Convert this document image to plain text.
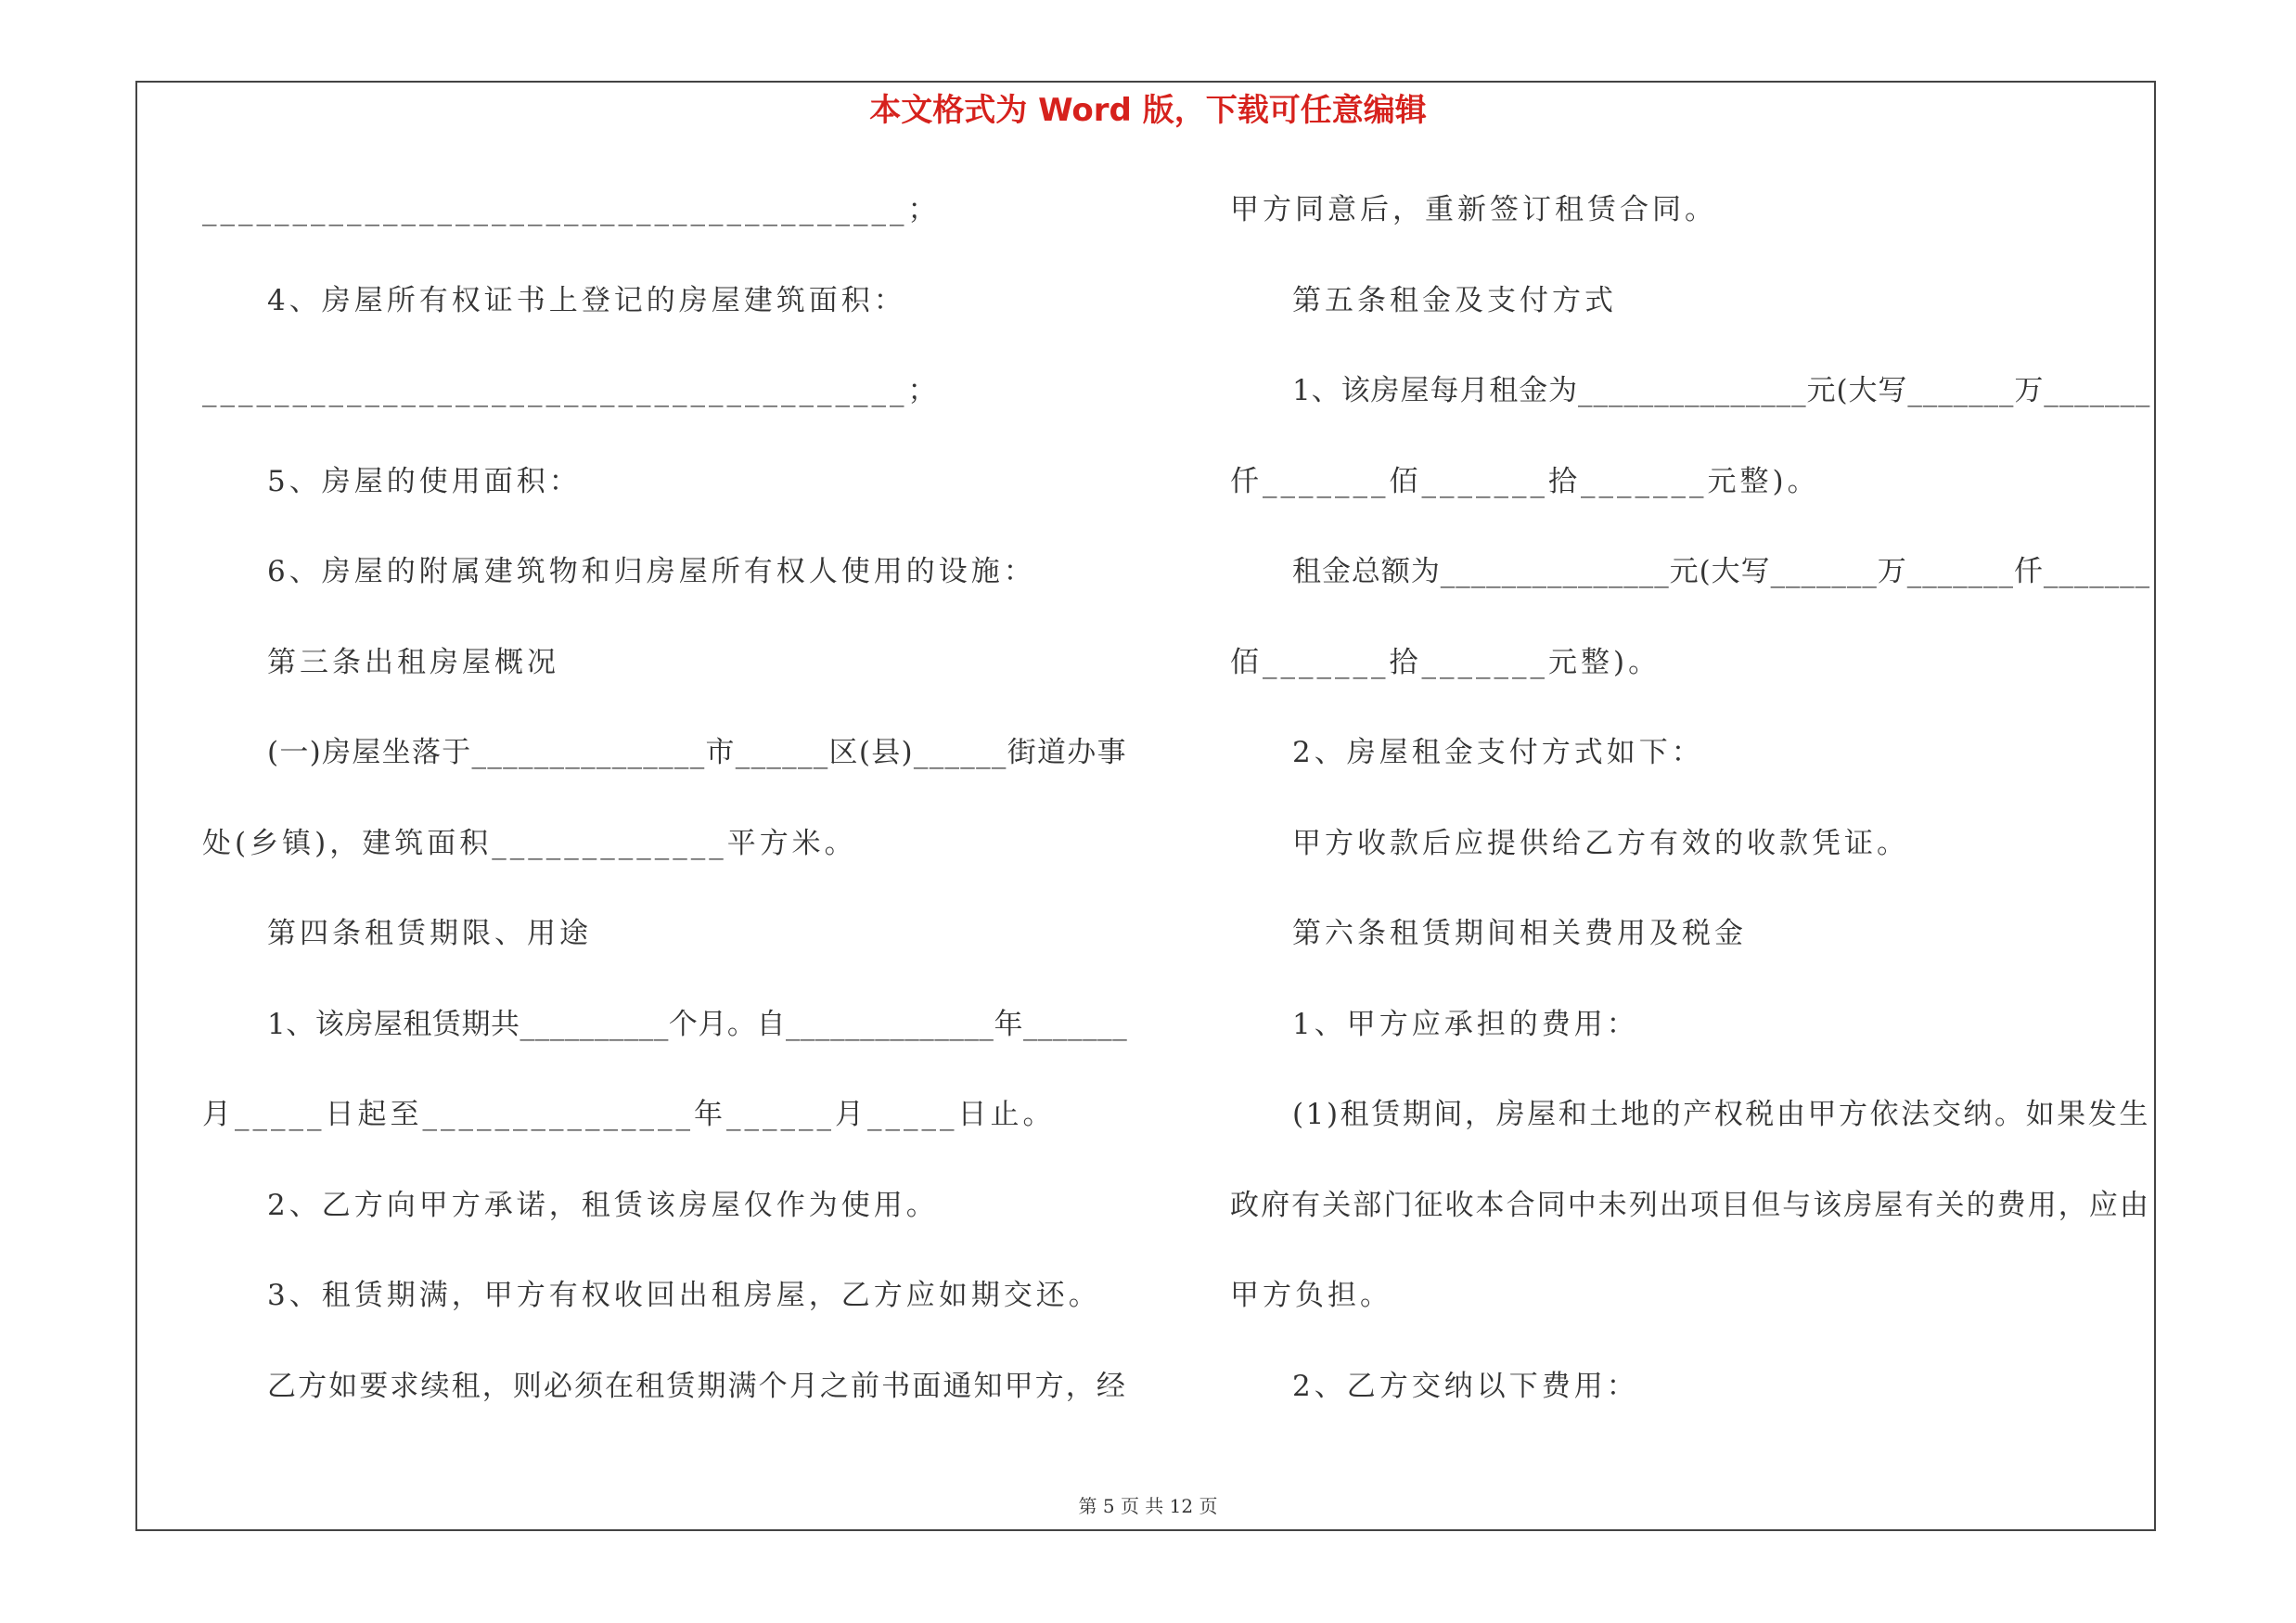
本文格式为 Word 版，下载可任意编辑
_______________________________________；
4、房屋所有权证书上登记的房屋建筑面积：
_______________________________________；
5、房屋的使用面积：
6、房屋的附属建筑物和归房屋所有权人使用的设施：
第三条出租房屋概况
(一)房屋坐落于_______________市______区(县)______街道办事
处(乡镇)，建筑面积_____________平方米。
第四条租赁期限、用途
1、该房屋租赁期共__________个月。自______________年_______
月_____日起至_______________年______月_____日止。
2、乙方向甲方承诺，租赁该房屋仅作为使用。
3、租赁期满，甲方有权收回出租房屋，乙方应如期交还。
乙方如要求续租，则必须在租赁期满个月之前书面通知甲方，经
甲方同意后，重新签订租赁合同。
第五条租金及支付方式
1、该房屋每月租金为_______________元(大写_______万_______
仟_______佰_______拾_______元整)。
租金总额为_______________元(大写_______万_______仟_______
佰_______拾_______元整)。
2、房屋租金支付方式如下：
甲方收款后应提供给乙方有效的收款凭证。
第六条租赁期间相关费用及税金
1、甲方应承担的费用：
(1)租赁期间，房屋和土地的产权税由甲方依法交纳。如果发生
政府有关部门征收本合同中未列出项目但与该房屋有关的费用，应由
甲方负担。
2、乙方交纳以下费用：
第 5 页 共 12 页
